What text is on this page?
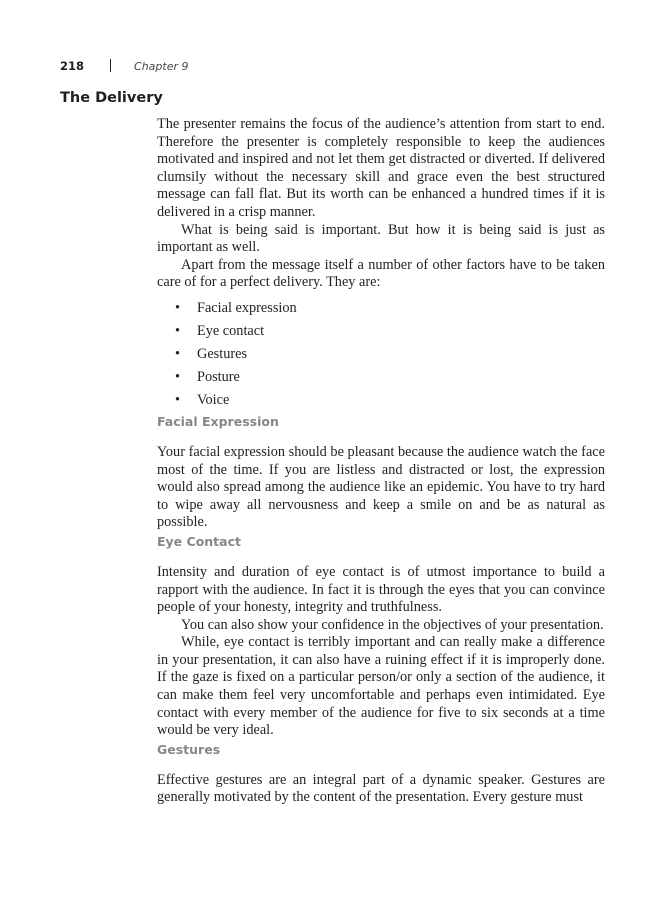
218	Chapter 9
The Delivery

The presenter remains the focus of the audience’s attention from start to end. Therefore the presenter is completely responsible to keep the audiences motivated and inspired and not let them get distracted or diverted. If delivered clumsily without the necessary skill and grace even the best structured message can fall flat. But its worth can be enhanced a hundred times if it is delivered in a crisp manner.

What is being said is important. But how it is being said is just as important as well.

Apart from the message itself a number of other factors have to be taken care of for a perfect delivery. They are:

• Facial expression
• Eye contact
• Gestures
• Posture
• Voice
Facial Expression

Your facial expression should be pleasant because the audience watch the face most of the time. If you are listless and distracted or lost, the expression would also spread among the audience like an epidemic. You have to try hard to wipe away all nervousness and keep a smile on and be as natural as possible.

Eye Contact

Intensity and duration of eye contact is of utmost importance to build a rapport with the audience. In fact it is through the eyes that you can convince people of your honesty, integrity and truthfulness.

You can also show your confidence in the objectives of your presentation.

While, eye contact is terribly important and can really make a difference in your presentation, it can also have a ruining effect if it is improperly done. If the gaze is fixed on a particular person/or only a section of the audience, it can make them feel very uncomfortable and perhaps even intimidated. Eye contact with every member of the audience for five to six seconds at a time would be very ideal.

Gestures

Effective gestures are an integral part of a dynamic speaker. Gestures are generally motivated by the content of the presentation. Every gesture must
